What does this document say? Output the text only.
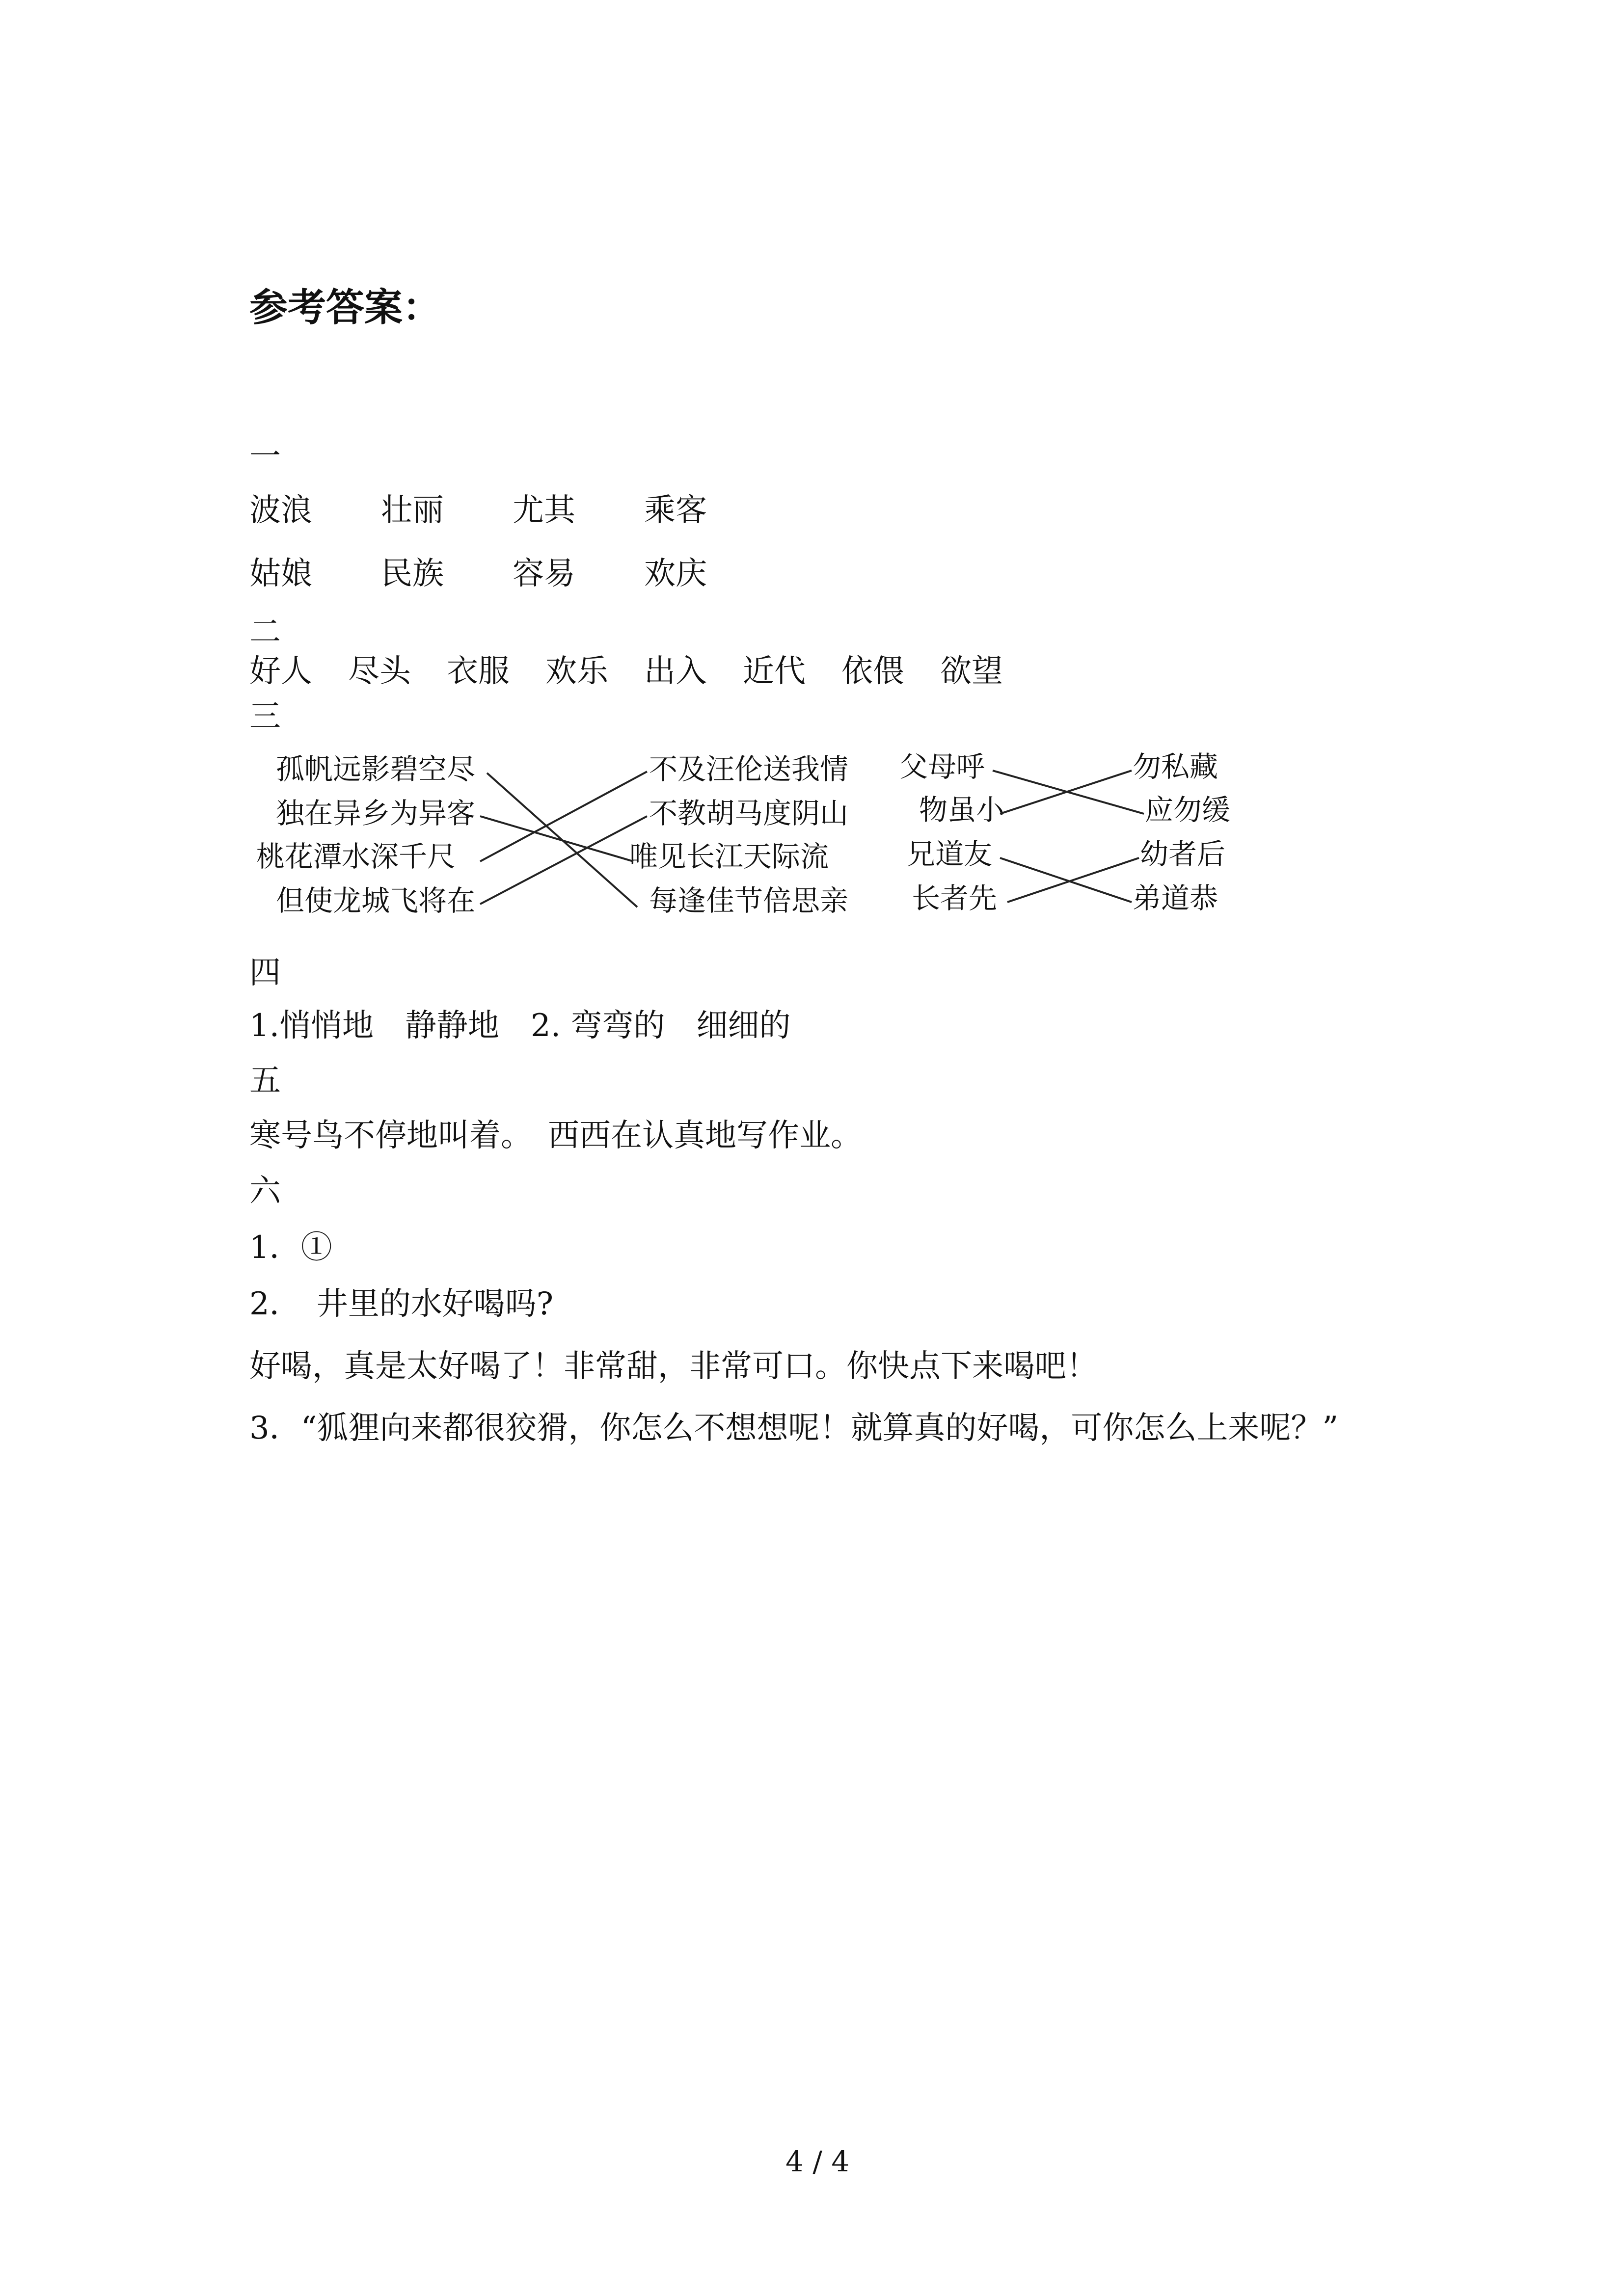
参考答案：
一
波浪 壮丽 尤其 乘客
姑娘 民族 容易 欢庆
二
好人 尽头 衣服 欢乐 出入 近代 依偎 欲望
三
孤帆远影碧空尽
独在异乡为异客
桃花潭水深千尺
但使龙城飞将在
不及汪伦送我情
不教胡马度阴山
唯见长江天际流
每逢佳节倍思亲
父母呼
物虽小
兄道友
长者先
勿私藏
应勿缓
幼者后
弟道恭
四
1.悄悄地　静静地　2. 弯弯的　细细的
五
寒号鸟不停地叫着。　西西在认真地写作业。
六
1．①
2．　井里的水好喝吗?
好喝，真是太好喝了！非常甜，非常可口。你快点下来喝吧！
3．“狐狸向来都很狡猾，你怎么不想想呢！就算真的好喝，可你怎么上来呢？”
4 / 4
